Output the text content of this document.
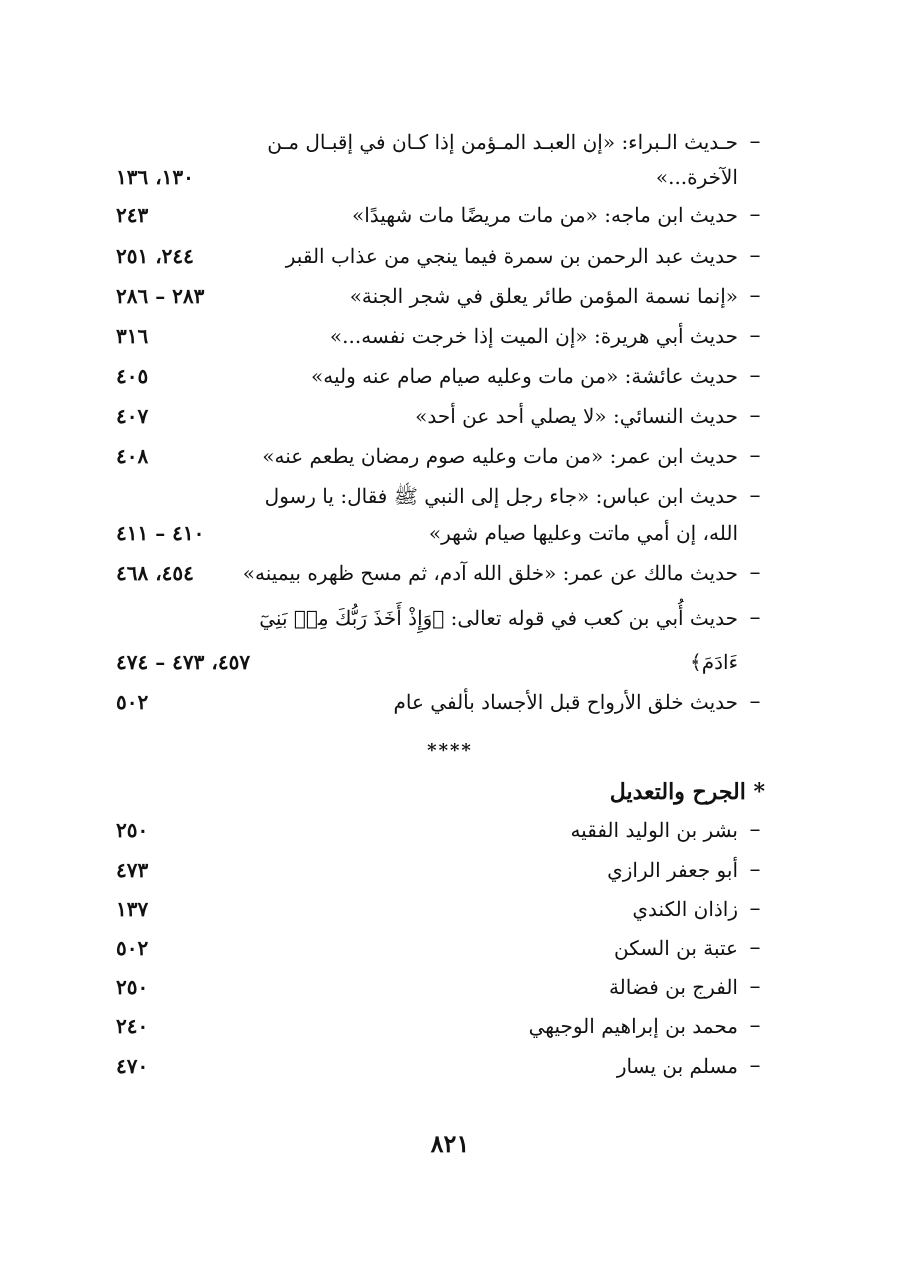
–
حـديث الـبراء: «إن العبـد المـؤمن إذا كـان في إقبـال مـن
الآخرة...»
١٣٠، ١٣٦
–
حديث ابن ماجه: «من مات مريضًا مات شهيدًا»
٢٤٣
–
حديث عبد الرحمن بن سمرة فيما ينجي من عذاب القبر
٢٤٤، ٢٥١
–
«إنما نسمة المؤمن طائر يعلق في شجر الجنة»
٢٨٣ – ٢٨٦
–
حديث أبي هريرة: «إن الميت إذا خرجت نفسه...»
٣١٦
–
حديث عائشة: «من مات وعليه صيام صام عنه وليه»
٤٠٥
–
حديث النسائي: «لا يصلي أحد عن أحد»
٤٠٧
–
حديث ابن عمر: «من مات وعليه صوم رمضان يطعم عنه»
٤٠٨
–
حديث ابن عباس: «جاء رجل إلى النبي ﷺ فقال: يا رسول
الله، إن أمي ماتت وعليها صيام شهر»
٤١٠ – ٤١١
–
حديث مالك عن عمر: «خلق الله آدم، ثم مسح ظهره بيمينه»
٤٥٤، ٤٦٨
–
حديث أُبي بن كعب في قوله تعالى: ﴿وَإِذْ أَخَذَ رَبُّكَ مِنۢ بَنِيٓ
ءَادَمَ﴾
٤٥٧، ٤٧٣ – ٤٧٤
–
حديث خلق الأرواح قبل الأجساد بألفي عام
٥٠٢
****
* الجرح والتعديل
–
بشر بن الوليد الفقيه
٢٥٠
–
أبو جعفر الرازي
٤٧٣
–
زاذان الكندي
١٣٧
–
عتبة بن السكن
٥٠٢
–
الفرج بن فضالة
٢٥٠
–
محمد بن إبراهيم الوجيهي
٢٤٠
–
مسلم بن يسار
٤٧٠
٨٢١
